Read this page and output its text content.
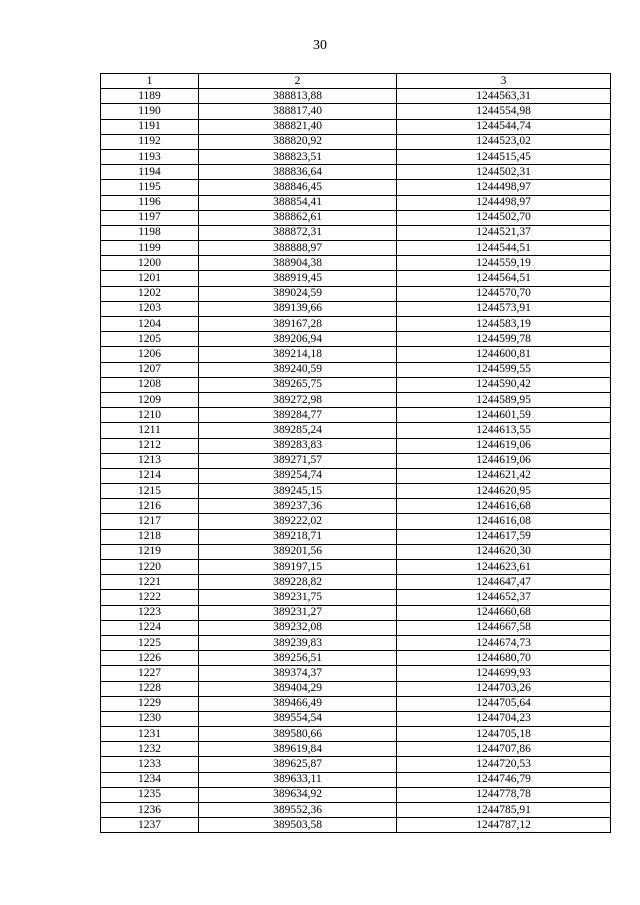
30
1	2	3
1189	388813,88	1244563,31
1190	388817,40	1244554,98
1191	388821,40	1244544,74
1192	388820,92	1244523,02
1193	388823,51	1244515,45
1194	388836,64	1244502,31
1195	388846,45	1244498,97
1196	388854,41	1244498,97
1197	388862,61	1244502,70
1198	388872,31	1244521,37
1199	388888,97	1244544,51
1200	388904,38	1244559,19
1201	388919,45	1244564,51
1202	389024,59	1244570,70
1203	389139,66	1244573,91
1204	389167,28	1244583,19
1205	389206,94	1244599,78
1206	389214,18	1244600,81
1207	389240,59	1244599,55
1208	389265,75	1244590,42
1209	389272,98	1244589,95
1210	389284,77	1244601,59
1211	389285,24	1244613,55
1212	389283,83	1244619,06
1213	389271,57	1244619,06
1214	389254,74	1244621,42
1215	389245,15	1244620,95
1216	389237,36	1244616,68
1217	389222,02	1244616,08
1218	389218,71	1244617,59
1219	389201,56	1244620,30
1220	389197,15	1244623,61
1221	389228,82	1244647,47
1222	389231,75	1244652,37
1223	389231,27	1244660,68
1224	389232,08	1244667,58
1225	389239,83	1244674,73
1226	389256,51	1244680,70
1227	389374,37	1244699,93
1228	389404,29	1244703,26
1229	389466,49	1244705,64
1230	389554,54	1244704,23
1231	389580,66	1244705,18
1232	389619,84	1244707,86
1233	389625,87	1244720,53
1234	389633,11	1244746,79
1235	389634,92	1244778,78
1236	389552,36	1244785,91
1237	389503,58	1244787,12
